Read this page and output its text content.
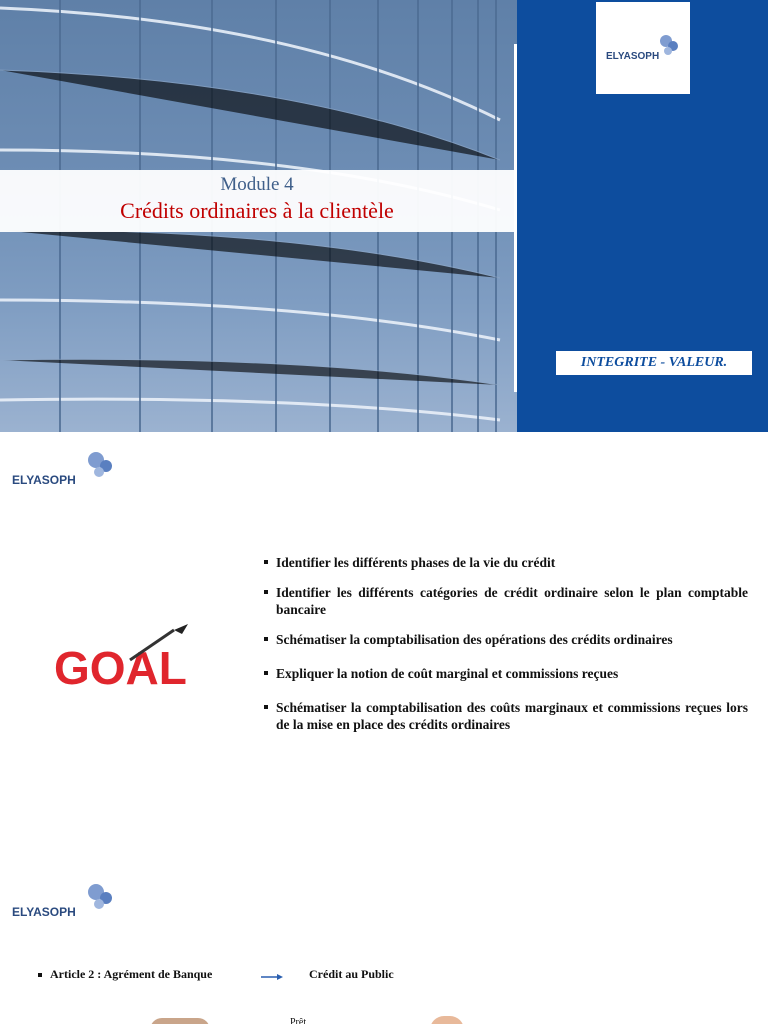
ELYASOPH
Module 4
Crédits ordinaires à la clientèle
INTEGRITE - VALEUR.
ELYASOPH
GOAL
Identifier les différents phases de la vie du crédit
Identifier les différents catégories de crédit ordinaire selon le plan comptable bancaire
Schématiser la comptabilisation des opérations des crédits ordinaires
Expliquer la notion de coût marginal et commissions reçues
Schématiser la comptabilisation des coûts marginaux et commissions reçues lors de la mise en place des crédits ordinaires
ELYASOPH
Article 2 : Agrément de Banque	Crédit au Public
Prêt
